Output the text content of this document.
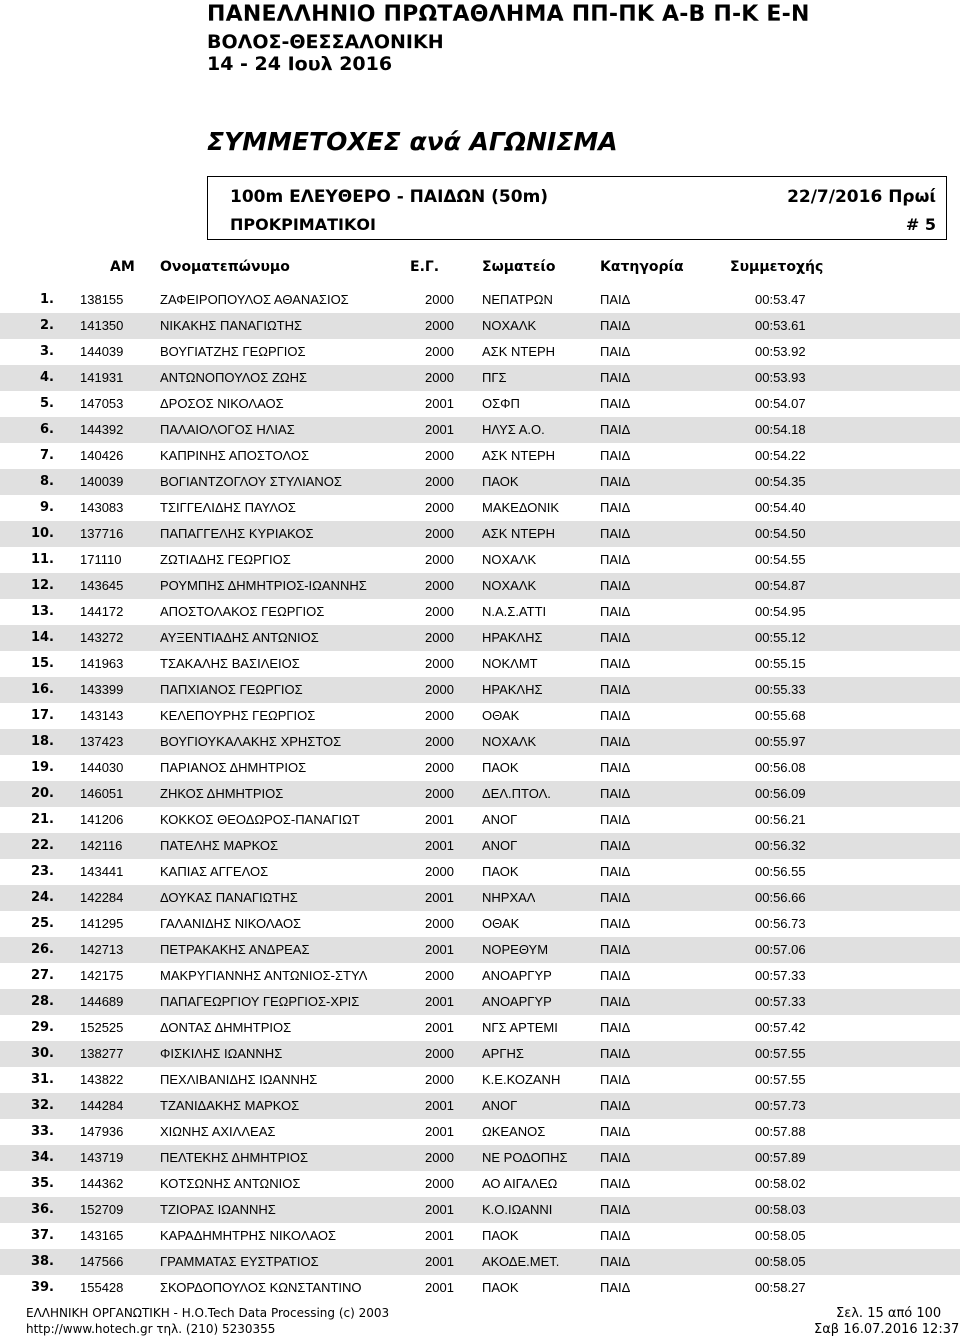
ΠΑΝΕΛΛΗΝΙΟ ΠΡΩΤΑΘΛΗΜΑ ΠΠ-ΠΚ Α-Β Π-Κ Ε-Ν
ΒΟΛΟΣ-ΘΕΣΣΑΛΟΝΙΚΗ
14 - 24 Ιουλ 2016
ΣΥΜΜΕΤΟΧΕΣ ανά ΑΓΩΝΙΣΜΑ
100m ΕΛΕΥΘΕΡΟ - ΠΑΙΔΩΝ (50m)	22/7/2016 Πρωί
ΠΡΟΚΡΙΜΑΤΙΚΟΙ	# 5
ΑΜ Ονοματεπώνυμο	Ε.Γ.	Σωματείο	Κατηγορία	Συμμετοχής
1. 138155	ΖΑΦΕΙΡΟΠΟΥΛΟΣ ΑΘΑΝΑΣΙΟΣ	2000 ΝΕΠΑΤΡΩΝ	ΠΑΙΔ	00:53.47
2. 141350	ΝΙΚΑΚΗΣ ΠΑΝΑΓΙΩΤΗΣ	2000 ΝΟΧΑΛΚ	ΠΑΙΔ	00:53.61
3. 144039	ΒΟΥΓΙΑΤΖΗΣ ΓΕΩΡΓΙΟΣ	2000 ΑΣΚ ΝΤΕΡΗ	ΠΑΙΔ	00:53.92
4. 141931	ΑΝΤΩΝΟΠΟΥΛΟΣ ΖΩΗΣ	2000 ΠΓΣ	ΠΑΙΔ	00:53.93
5. 147053	ΔΡΟΣΟΣ ΝΙΚΟΛΑΟΣ	2001 ΟΣΦΠ	ΠΑΙΔ	00:54.07
6. 144392	ΠΑΛΑΙΟΛΟΓΟΣ ΗΛΙΑΣ	2001 ΗΛΥΣ Α.Ο.	ΠΑΙΔ	00:54.18
7. 140426	ΚΑΠΡΙΝΗΣ ΑΠΟΣΤΟΛΟΣ	2000 ΑΣΚ ΝΤΕΡΗ	ΠΑΙΔ	00:54.22
8. 140039	ΒΟΓΙΑΝΤΖΟΓΛΟΥ ΣΤΥΛΙΑΝΟΣ	2000 ΠΑΟΚ	ΠΑΙΔ	00:54.35
9. 143083	ΤΣΙΓΓΕΛΙΔΗΣ ΠΑΥΛΟΣ	2000 ΜΑΚΕΔΟΝΙΚ	ΠΑΙΔ	00:54.40
10. 137716	ΠΑΠΑΓΓΕΛΗΣ ΚΥΡΙΑΚΟΣ	2000 ΑΣΚ ΝΤΕΡΗ	ΠΑΙΔ	00:54.50
11. 171110	ΖΩΤΙΑΔΗΣ ΓΕΩΡΓΙΟΣ	2000 ΝΟΧΑΛΚ	ΠΑΙΔ	00:54.55
12. 143645	ΡΟΥΜΠΗΣ ΔΗΜΗΤΡΙΟΣ-ΙΩΑΝΝΗΣ	2000 ΝΟΧΑΛΚ	ΠΑΙΔ	00:54.87
13. 144172	ΑΠΟΣΤΟΛΑΚΟΣ ΓΕΩΡΓΙΟΣ	2000 Ν.Α.Σ.ΑΤΤΙ	ΠΑΙΔ	00:54.95
14. 143272	ΑΥΞΕΝΤΙΑΔΗΣ ΑΝΤΩΝΙΟΣ	2000 ΗΡΑΚΛΗΣ	ΠΑΙΔ	00:55.12
15. 141963	ΤΣΑΚΑΛΗΣ ΒΑΣΙΛΕΙΟΣ	2000 ΝΟΚΛΜΤ	ΠΑΙΔ	00:55.15
16. 143399	ΠΑΠΧΙΑΝΟΣ ΓΕΩΡΓΙΟΣ	2000 ΗΡΑΚΛΗΣ	ΠΑΙΔ	00:55.33
17. 143143	ΚΕΛΕΠΟΥΡΗΣ ΓΕΩΡΓΙΟΣ	2000 ΟΘΑΚ	ΠΑΙΔ	00:55.68
18. 137423	ΒΟΥΓΙΟΥΚΑΛΑΚΗΣ ΧΡΗΣΤΟΣ	2000 ΝΟΧΑΛΚ	ΠΑΙΔ	00:55.97
19. 144030	ΠΑΡΙΑΝΟΣ ΔΗΜΗΤΡΙΟΣ	2000 ΠΑΟΚ	ΠΑΙΔ	00:56.08
20. 146051	ΖΗΚΟΣ ΔΗΜΗΤΡΙΟΣ	2000 ΔΕΛ.ΠΤΟΛ.	ΠΑΙΔ	00:56.09
21. 141206	ΚΟΚΚΟΣ ΘΕΟΔΩΡΟΣ-ΠΑΝΑΓΙΩΤ	2001 ΑΝΟΓ	ΠΑΙΔ	00:56.21
22. 142116	ΠΑΤΕΛΗΣ ΜΑΡΚΟΣ	2001 ΑΝΟΓ	ΠΑΙΔ	00:56.32
23. 143441	ΚΑΠΙΑΣ ΑΓΓΕΛΟΣ	2000 ΠΑΟΚ	ΠΑΙΔ	00:56.55
24. 142284	ΔΟΥΚΑΣ ΠΑΝΑΓΙΩΤΗΣ	2001 ΝΗΡΧΑΛ	ΠΑΙΔ	00:56.66
25. 141295	ΓΑΛΑΝΙΔΗΣ ΝΙΚΟΛΑΟΣ	2000 ΟΘΑΚ	ΠΑΙΔ	00:56.73
26. 142713	ΠΕΤΡΑΚΑΚΗΣ ΑΝΔΡΕΑΣ	2001 ΝΟΡΕΘΥΜ	ΠΑΙΔ	00:57.06
27. 142175	ΜΑΚΡΥΓΙΑΝΝΗΣ ΑΝΤΩΝΙΟΣ-ΣΤΥΛ	2000 ΑΝΟΑΡΓΥΡ	ΠΑΙΔ	00:57.33
28. 144689	ΠΑΠΑΓΕΩΡΓΙΟΥ ΓΕΩΡΓΙΟΣ-ΧΡΙΣ	2001 ΑΝΟΑΡΓΥΡ	ΠΑΙΔ	00:57.33
29. 152525	ΔΟΝΤΑΣ ΔΗΜΗΤΡΙΟΣ	2001 ΝΓΣ ΑΡΤΕΜΙ	ΠΑΙΔ	00:57.42
30. 138277	ΦΙΣΚΙΛΗΣ ΙΩΑΝΝΗΣ	2000 ΑΡΓΗΣ	ΠΑΙΔ	00:57.55
31. 143822	ΠΕΧΛΙΒΑΝΙΔΗΣ ΙΩΑΝΝΗΣ	2000 Κ.Ε.ΚΟΖΑΝΗ	ΠΑΙΔ	00:57.55
32. 144284	ΤΖΑΝΙΔΑΚΗΣ ΜΑΡΚΟΣ	2001 ΑΝΟΓ	ΠΑΙΔ	00:57.73
33. 147936	ΧΙΩΝΗΣ ΑΧΙΛΛΕΑΣ	2001 ΩΚΕΑΝΟΣ	ΠΑΙΔ	00:57.88
34. 143719	ΠΕΛΤΕΚΗΣ ΔΗΜΗΤΡΙΟΣ	2000 ΝΕ ΡΟΔΟΠΗΣ ΠΑΙΔ	00:57.89
35. 144362	ΚΟΤΣΩΝΗΣ ΑΝΤΩΝΙΟΣ	2000 ΑΟ ΑΙΓΑΛΕΩ	ΠΑΙΔ	00:58.02
36. 152709	ΤΖΙΟΡΑΣ ΙΩΑΝΝΗΣ	2001 Κ.Ο.ΙΩΑΝΝΙ	ΠΑΙΔ	00:58.03
37. 143165	ΚΑΡΑΔΗΜΗΤΡΗΣ ΝΙΚΟΛΑΟΣ	2001 ΠΑΟΚ	ΠΑΙΔ	00:58.05
38. 147566	ΓΡΑΜΜΑΤΑΣ ΕΥΣΤΡΑΤΙΟΣ	2001 ΑΚΟΔΕ.ΜΕΤ.	ΠΑΙΔ	00:58.05
39. 155428	ΣΚΟΡΔΟΠΟΥΛΟΣ ΚΩΝΣΤΑΝΤΙΝΟ	2001 ΠΑΟΚ	ΠΑΙΔ	00:58.27
ΕΛΛΗΝΙΚΗ ΟΡΓΑΝΩΤΙΚΗ - Η.Ο.Tech Data Processing (c) 2003
http://www.hotech.gr τηλ. (210) 5230355
Σελ. 15 από 100
Σαβ 16.07.2016 12:37
